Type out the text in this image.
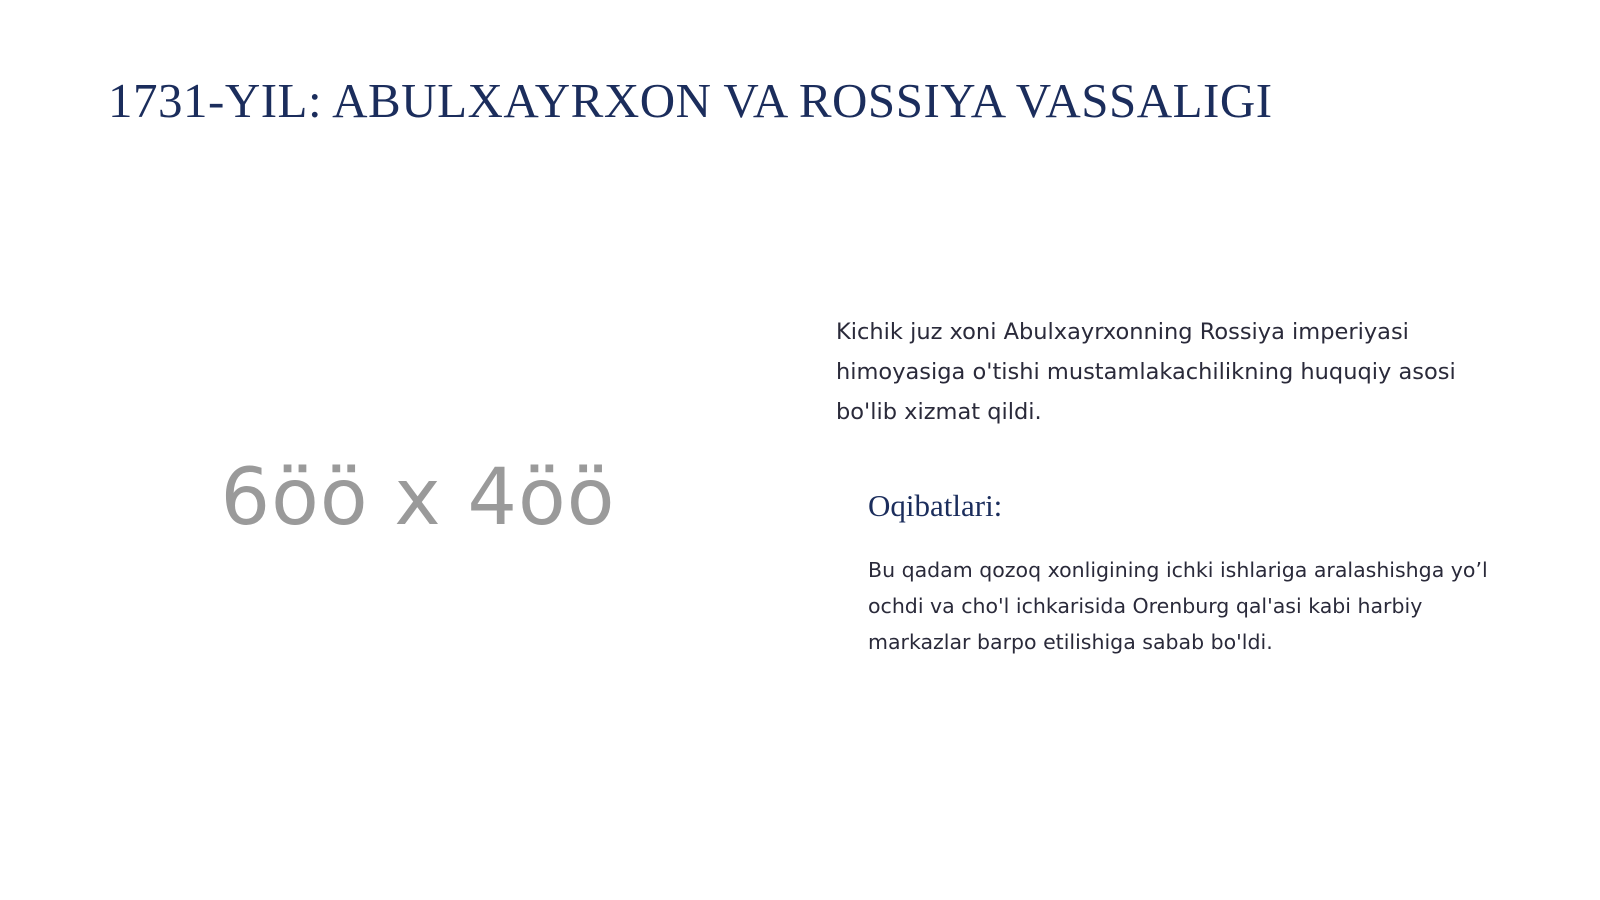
1731-YIL: ABULXAYRXON VA ROSSIYA VASSALIGI
6öö x 4öö

Kichik juz xoni Abulxayrxonning Rossiya imperiyasi himoyasiga o'tishi mustamlakachilikning huquqiy asosi bo'lib xizmat qildi.

Oqibatlari:

Bu qadam qozoq xonligining ichki ishlariga aralashishga yo’l ochdi va cho'l ichkarisida Orenburg qal'asi kabi harbiy markazlar barpo etilishiga sabab bo'ldi.
